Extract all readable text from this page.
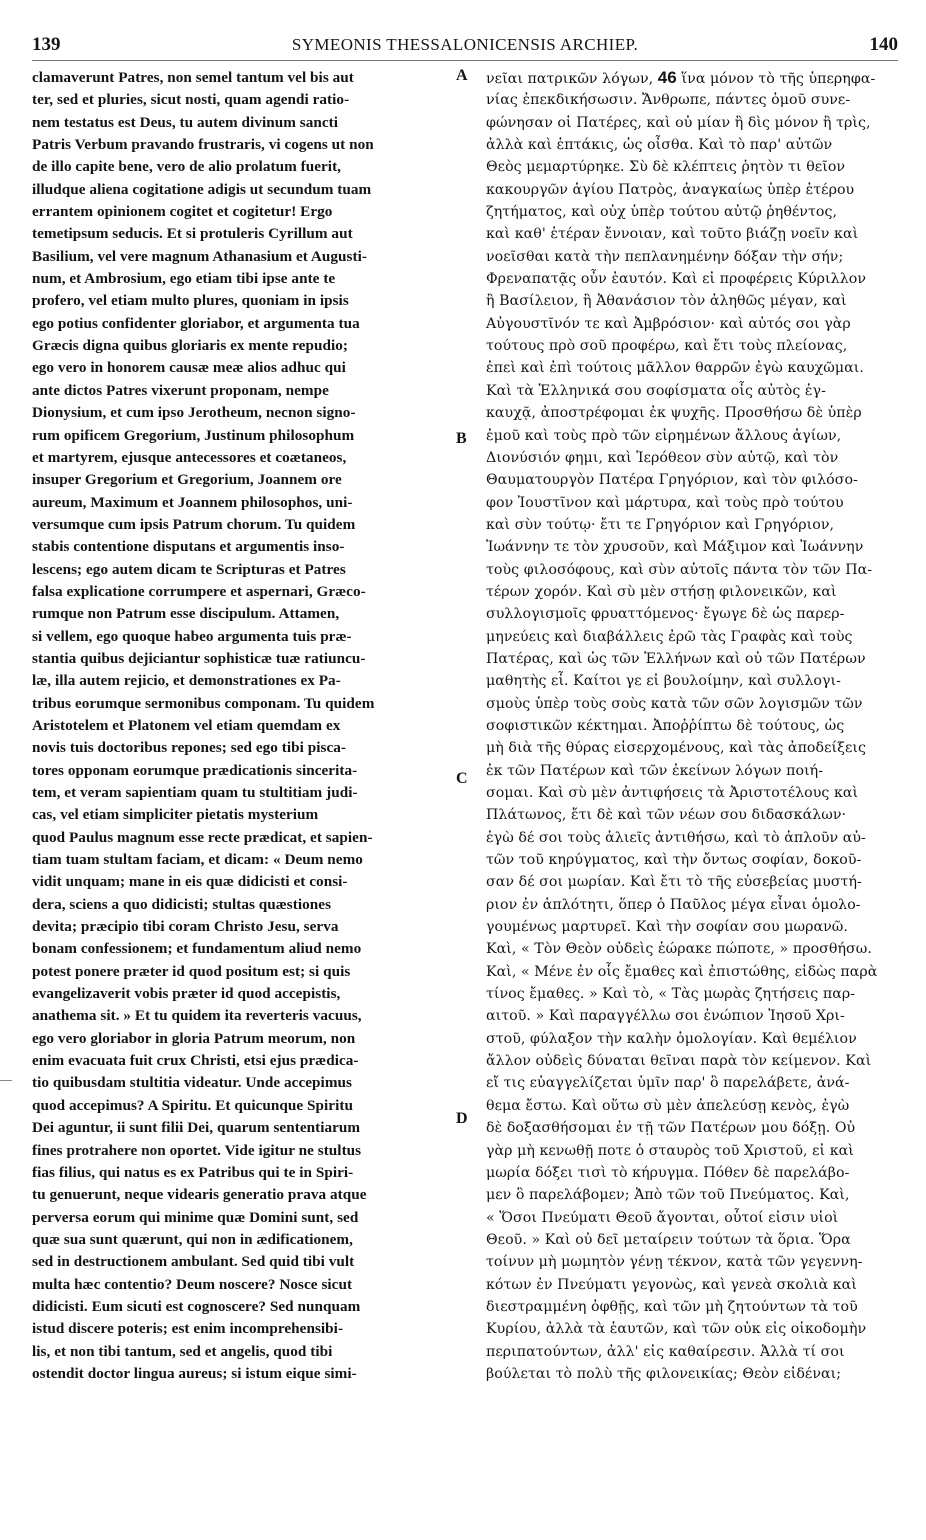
139	SYMEONIS THESSALONICENSIS ARCHIEP.	140
clamaverunt Patres, non semel tantum vel bis aut
ter, sed et pluries, sicut nosti, quam agendi ratio-
nem testatus est Deus, tu autem divinum sancti
Patris Verbum pravando frustraris, vi cogens ut non
de illo capite bene, vero de alio prolatum fuerit,
illudque aliena cogitatione adigis ut secundum tuam
errantem opinionem cogitet et cogitetur! Ergo
temetipsum seducis. Et si protuleris Cyrillum aut
Basilium, vel vere magnum Athanasium et Augusti-
num, et Ambrosium, ego etiam tibi ipse ante te
profero, vel etiam multo plures, quoniam in ipsis
ego potius confidenter gloriabor, et argumenta tua
Græcis digna quibus gloriaris ex mente repudio;
ego vero in honorem causæ meæ alios adhuc qui
ante dictos Patres vixerunt proponam, nempe
Dionysium, et cum ipso Jerotheum, necnon signo-
rum opificem Gregorium, Justinum philosophum
et martyrem, ejusque antecessores et coætaneos,
insuper Gregorium et Gregorium, Joannem ore
aureum, Maximum et Joannem philosophos, uni-
versumque cum ipsis Patrum chorum. Tu quidem
stabis contentione disputans et argumentis inso-
lescens; ego autem dicam te Scripturas et Patres
falsa explicatione corrumpere et aspernari, Græco-
rumque non Patrum esse discipulum. Attamen,
si vellem, ego quoque habeo argumenta tuis præ-
stantia quibus dejiciantur sophisticæ tuæ ratiuncu-
læ, illa autem rejicio, et demonstrationes ex Pa-
tribus eorumque sermonibus componam. Tu quidem
Aristotelem et Platonem vel etiam quemdam ex
novis tuis doctoribus repones; sed ego tibi pisca-
tores opponam eorumque prædicationis sincerita-
tem, et veram sapientiam quam tu stultitiam judi-
cas, vel etiam simpliciter pietatis mysterium
quod Paulus magnum esse recte prædicat, et sapien-
tiam tuam stultam faciam, et dicam: « Deum nemo
vidit unquam; mane in eis quæ didicisti et consi-
dera, sciens a quo didicisti; stultas quæstiones
devita; præcipio tibi coram Christo Jesu, serva
bonam confessionem; et fundamentum aliud nemo
potest ponere præter id quod positum est; si quis
evangelizaverit vobis præter id quod accepistis,
anathema sit. » Et tu quidem ita reverteris vacuus,
ego vero gloriabor in gloria Patrum meorum, non
enim evacuata fuit crux Christi, etsi ejus prædica-
tio quibusdam stultitia videatur. Unde accepimus
quod accepimus? A Spiritu. Et quicunque Spiritu
Dei aguntur, ii sunt filii Dei, quarum sententiarum
fines protrahere non oportet. Vide igitur ne stultus
fias filius, qui natus es ex Patribus qui te in Spiri-
tu genuerunt, neque videaris generatio prava atque
perversa eorum qui minime quæ Domini sunt, sed
quæ sua sunt quærunt, qui non in ædificationem,
sed in destructionem ambulant. Sed quid tibi vult
multa hæc contentio? Deum noscere? Nosce sicut
didicisti. Eum sicuti est cognoscere? Sed nunquam
istud discere poteris; est enim incomprehensibi-
lis, et non tibi tantum, sed et angelis, quod tibi
ostendit doctor lingua aureus; si istum eique simi-
A
B
C
D
νεῖαι πατρικῶν λόγων, 46 ἵνα μόνον τὸ τῆς ὑπερηφα-
νίας ἐπεκδικήσωσιν. Ἄνθρωπε, πάντες ὁμοῦ συνε-
φώνησαν οἱ Πατέρες, καὶ οὐ μίαν ἢ δὶς μόνον ἢ τρὶς,
ἀλλὰ καὶ ἑπτάκις, ὡς οἶσθα. Καὶ τὸ παρ' αὐτῶν
Θεὸς μεμαρτύρηκε. Σὺ δὲ κλέπτεις ῥητὸν τι θεῖον
κακουργῶν ἁγίου Πατρὸς, ἀναγκαίως ὑπὲρ ἑτέρου
ζητήματος, καὶ οὐχ ὑπὲρ τούτου αὐτῷ ῥηθέντος,
καὶ καθ' ἑτέραν ἔννοιαν, καὶ τοῦτο βιάζῃ νοεῖν καὶ
νοεῖσθαι κατὰ τὴν πεπλανημένην δόξαν τὴν σήν;
Φρεναπατᾷς οὖν ἑαυτόν. Καὶ εἰ προφέρεις Κύριλλον
ἢ Βασίλειον, ἢ Ἀθανάσιον τὸν ἀληθῶς μέγαν, καὶ
Αὐγουστῖνόν τε καὶ Ἀμβρόσιον· καὶ αὐτός σοι γὰρ
τούτους πρὸ σοῦ προφέρω, καὶ ἔτι τοὺς πλείονας,
ἐπεὶ καὶ ἐπὶ τούτοις μᾶλλον θαρρῶν ἐγὼ καυχῶμαι.
Καὶ τὰ Ἑλληνικά σου σοφίσματα οἷς αὐτὸς ἐγ-
καυχᾷ, ἀποστρέφομαι ἐκ ψυχῆς. Προσθήσω δὲ ὑπὲρ
ἐμοῦ καὶ τοὺς πρὸ τῶν εἰρημένων ἄλλους ἁγίων,
Διονύσιόν φημι, καὶ Ἱερόθεον σὺν αὐτῷ, καὶ τὸν
Θαυματουργὸν Πατέρα Γρηγόριον, καὶ τὸν φιλόσο-
φον Ἰουστῖνον καὶ μάρτυρα, καὶ τοὺς πρὸ τούτου
καὶ σὺν τούτῳ· ἔτι τε Γρηγόριον καὶ Γρηγόριον,
Ἰωάννην τε τὸν χρυσοῦν, καὶ Μάξιμον καὶ Ἰωάννην
τοὺς φιλοσόφους, καὶ σὺν αὐτοῖς πάντα τὸν τῶν Πα-
τέρων χορόν. Καὶ σὺ μὲν στήσῃ φιλονεικῶν, καὶ
συλλογισμοῖς φρυαττόμενος· ἔγωγε δὲ ὡς παρερ-
μηνεύεις καὶ διαβάλλεις ἐρῶ τὰς Γραφὰς καὶ τοὺς
Πατέρας, καὶ ὡς τῶν Ἑλλήνων καὶ οὐ τῶν Πατέρων
μαθητὴς εἶ. Καίτοι γε εἰ βουλοίμην, καὶ συλλογι-
σμοὺς ὑπὲρ τοὺς σοὺς κατὰ τῶν σῶν λογισμῶν τῶν
σοφιστικῶν κέκτημαι. Ἀποῤῥίπτω δὲ τούτους, ὡς
μὴ διὰ τῆς θύρας εἰσερχομένους, καὶ τὰς ἀποδείξεις
ἐκ τῶν Πατέρων καὶ τῶν ἐκείνων λόγων ποιή-
σομαι. Καὶ σὺ μὲν ἀντιφήσεις τὰ Ἀριστοτέλους καὶ
Πλάτωνος, ἔτι δὲ καὶ τῶν νέων σου διδασκάλων·
ἐγὼ δέ σοι τοὺς ἁλιεῖς ἀντιθήσω, καὶ τὸ ἀπλοῦν αὐ-
τῶν τοῦ κηρύγματος, καὶ τὴν ὄντως σοφίαν, δοκοῦ-
σαν δέ σοι μωρίαν. Καὶ ἔτι τὸ τῆς εὐσεβείας μυστή-
ριον ἐν ἁπλότητι, ὅπερ ὁ Παῦλος μέγα εἶναι ὁμολο-
γουμένως μαρτυρεῖ. Καὶ τὴν σοφίαν σου μωρανῶ.
Καὶ, « Τὸν Θεὸν οὐδεὶς ἑώρακε πώποτε, » προσθήσω.
Καὶ, « Μένε ἐν οἷς ἔμαθες καὶ ἐπιστώθης, εἰδὼς παρὰ
τίνος ἔμαθες. » Καὶ τὸ, « Τὰς μωρὰς ζητήσεις παρ-
αιτοῦ. » Καὶ παραγγέλλω σοι ἐνώπιον Ἰησοῦ Χρι-
στοῦ, φύλαξον τὴν καλὴν ὁμολογίαν. Καὶ θεμέλιον
ἄλλον οὐδεὶς δύναται θεῖναι παρὰ τὸν κείμενον. Καὶ
εἴ τις εὐαγγελίζεται ὑμῖν παρ' ὃ παρελάβετε, ἀνά-
θεμα ἔστω. Καὶ οὕτω σὺ μὲν ἀπελεύσῃ κενὸς, ἐγὼ
δὲ δοξασθήσομαι ἐν τῇ τῶν Πατέρων μου δόξῃ. Οὐ
γὰρ μὴ κενωθῇ ποτε ὁ σταυρὸς τοῦ Χριστοῦ, εἰ καὶ
μωρία δόξει τισὶ τὸ κήρυγμα. Πόθεν δὲ παρελάβο-
μεν ὃ παρελάβομεν; Ἀπὸ τῶν τοῦ Πνεύματος. Καὶ,
« Ὅσοι Πνεύματι Θεοῦ ἄγονται, οὗτοί εἰσιν υἱοὶ
Θεοῦ. » Καὶ οὐ δεῖ μεταίρειν τούτων τὰ ὅρια. Ὅρα
τοίνυν μὴ μωμητὸν γένῃ τέκνον, κατὰ τῶν γεγεννη-
κότων ἐν Πνεύματι γεγονὼς, καὶ γενεὰ σκολιὰ καὶ
διεστραμμένη ὀφθῇς, καὶ τῶν μὴ ζητούντων τὰ τοῦ
Κυρίου, ἀλλὰ τὰ ἑαυτῶν, καὶ τῶν οὐκ εἰς οἰκοδομὴν
περιπατούντων, ἀλλ' εἰς καθαίρεσιν. Ἀλλὰ τί σοι
βούλεται τὸ πολὺ τῆς φιλονεικίας; Θεὸν εἰδέναι;
